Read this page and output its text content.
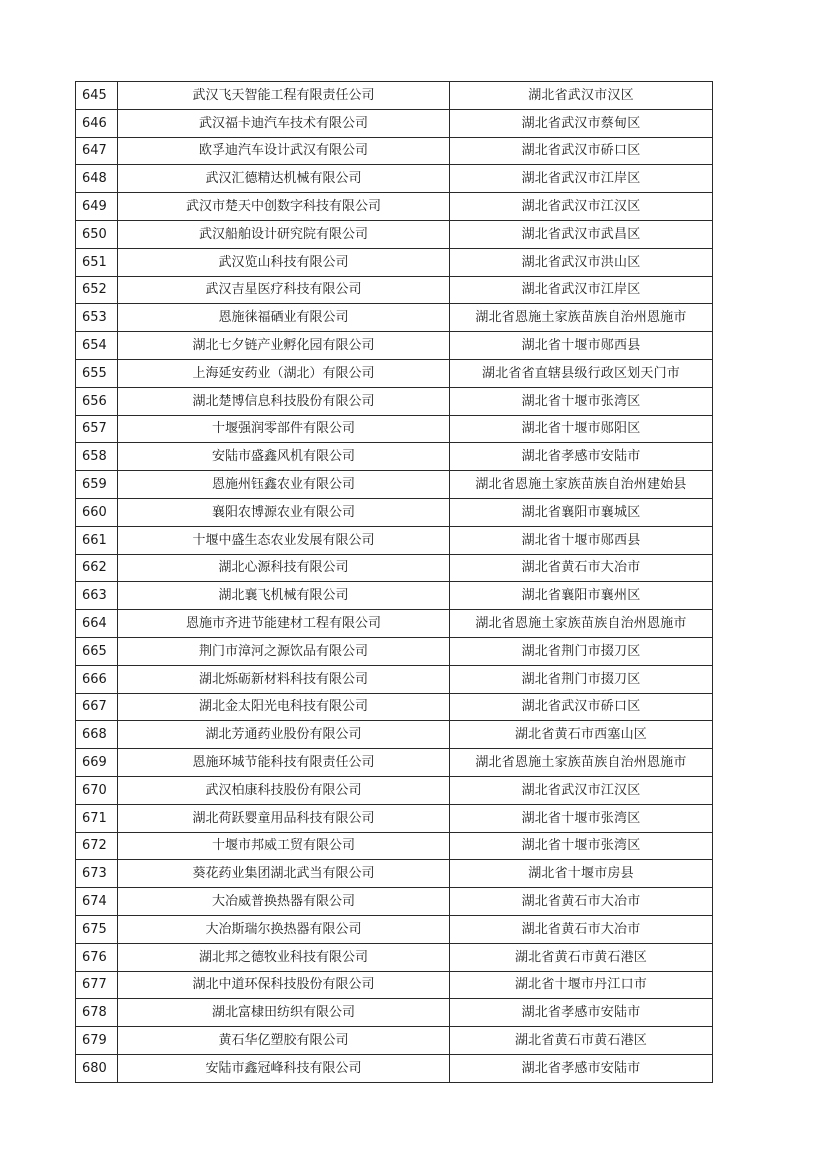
645	武汉飞天智能工程有限责任公司	湖北省武汉市汉区
646	武汉福卡迪汽车技术有限公司	湖北省武汉市蔡甸区
647	欧孚迪汽车设计武汉有限公司	湖北省武汉市硚口区
648	武汉汇德精达机械有限公司	湖北省武汉市江岸区
649	武汉市楚天中创数字科技有限公司	湖北省武汉市江汉区
650	武汉船舶设计研究院有限公司	湖北省武汉市武昌区
651	武汉览山科技有限公司	湖北省武汉市洪山区
652	武汉吉星医疗科技有限公司	湖北省武汉市江岸区
653	恩施徕福硒业有限公司	湖北省恩施土家族苗族自治州恩施市
654	湖北七夕链产业孵化园有限公司	湖北省十堰市郧西县
655	上海延安药业（湖北）有限公司	湖北省省直辖县级行政区划天门市
656	湖北楚博信息科技股份有限公司	湖北省十堰市张湾区
657	十堰强润零部件有限公司	湖北省十堰市郧阳区
658	安陆市盛鑫风机有限公司	湖北省孝感市安陆市
659	恩施州钰鑫农业有限公司	湖北省恩施土家族苗族自治州建始县
660	襄阳农博源农业有限公司	湖北省襄阳市襄城区
661	十堰中盛生态农业发展有限公司	湖北省十堰市郧西县
662	湖北心源科技有限公司	湖北省黄石市大冶市
663	湖北襄飞机械有限公司	湖北省襄阳市襄州区
664	恩施市齐进节能建材工程有限公司	湖北省恩施土家族苗族自治州恩施市
665	荆门市漳河之源饮品有限公司	湖北省荆门市掇刀区
666	湖北烁砺新材料科技有限公司	湖北省荆门市掇刀区
667	湖北金太阳光电科技有限公司	湖北省武汉市硚口区
668	湖北芳通药业股份有限公司	湖北省黄石市西塞山区
669	恩施环城节能科技有限责任公司	湖北省恩施土家族苗族自治州恩施市
670	武汉柏康科技股份有限公司	湖北省武汉市江汉区
671	湖北荷跃婴童用品科技有限公司	湖北省十堰市张湾区
672	十堰市邦威工贸有限公司	湖北省十堰市张湾区
673	葵花药业集团湖北武当有限公司	湖北省十堰市房县
674	大冶威普换热器有限公司	湖北省黄石市大冶市
675	大冶斯瑞尔换热器有限公司	湖北省黄石市大冶市
676	湖北邦之德牧业科技有限公司	湖北省黄石市黄石港区
677	湖北中道环保科技股份有限公司	湖北省十堰市丹江口市
678	湖北富棣田纺织有限公司	湖北省孝感市安陆市
679	黄石华亿塑胶有限公司	湖北省黄石市黄石港区
680	安陆市鑫冠峰科技有限公司	湖北省孝感市安陆市
